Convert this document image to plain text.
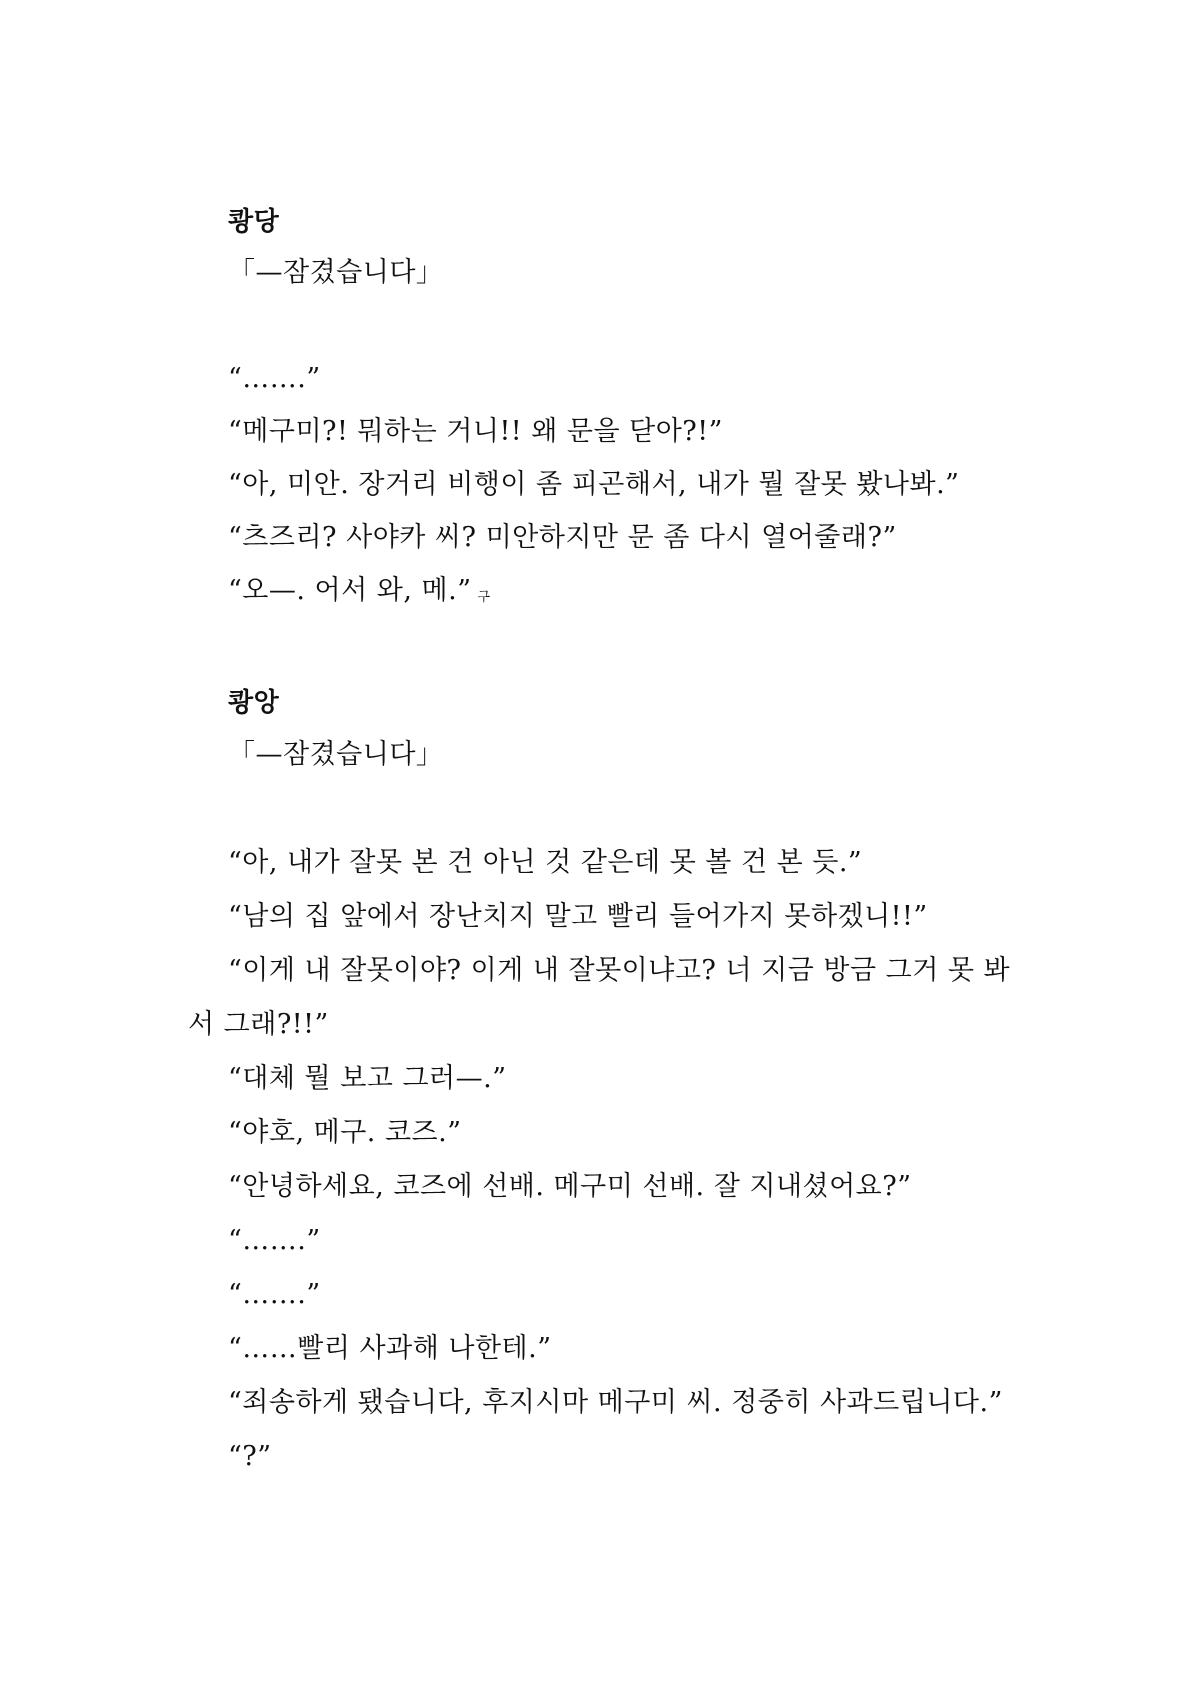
쾅당
「—잠겼습니다」
“…….”
“메구미?! 뭐하는 거니!! 왜 문을 닫아?!”
“아, 미안. 장거리 비행이 좀 피곤해서, 내가 뭘 잘못 봤나봐.”
“츠즈리? 사야카 씨? 미안하지만 문 좀 다시 열어줄래?”
“오—. 어서 와, 메.” 구
쾅앙
「—잠겼습니다」
“아, 내가 잘못 본 건 아닌 것 같은데 못 볼 건 본 듯.”
“남의 집 앞에서 장난치지 말고 빨리 들어가지 못하겠니!!”
“이게 내 잘못이야? 이게 내 잘못이냐고? 너 지금 방금 그거 못 봐
서 그래?!!”
“대체 뭘 보고 그러—.”
“야호, 메구. 코즈.”
“안녕하세요, 코즈에 선배. 메구미 선배. 잘 지내셨어요?”
“…….”
“…….”
“……빨리 사과해 나한테.”
“죄송하게 됐습니다, 후지시마 메구미 씨. 정중히 사과드립니다.”
“?”
